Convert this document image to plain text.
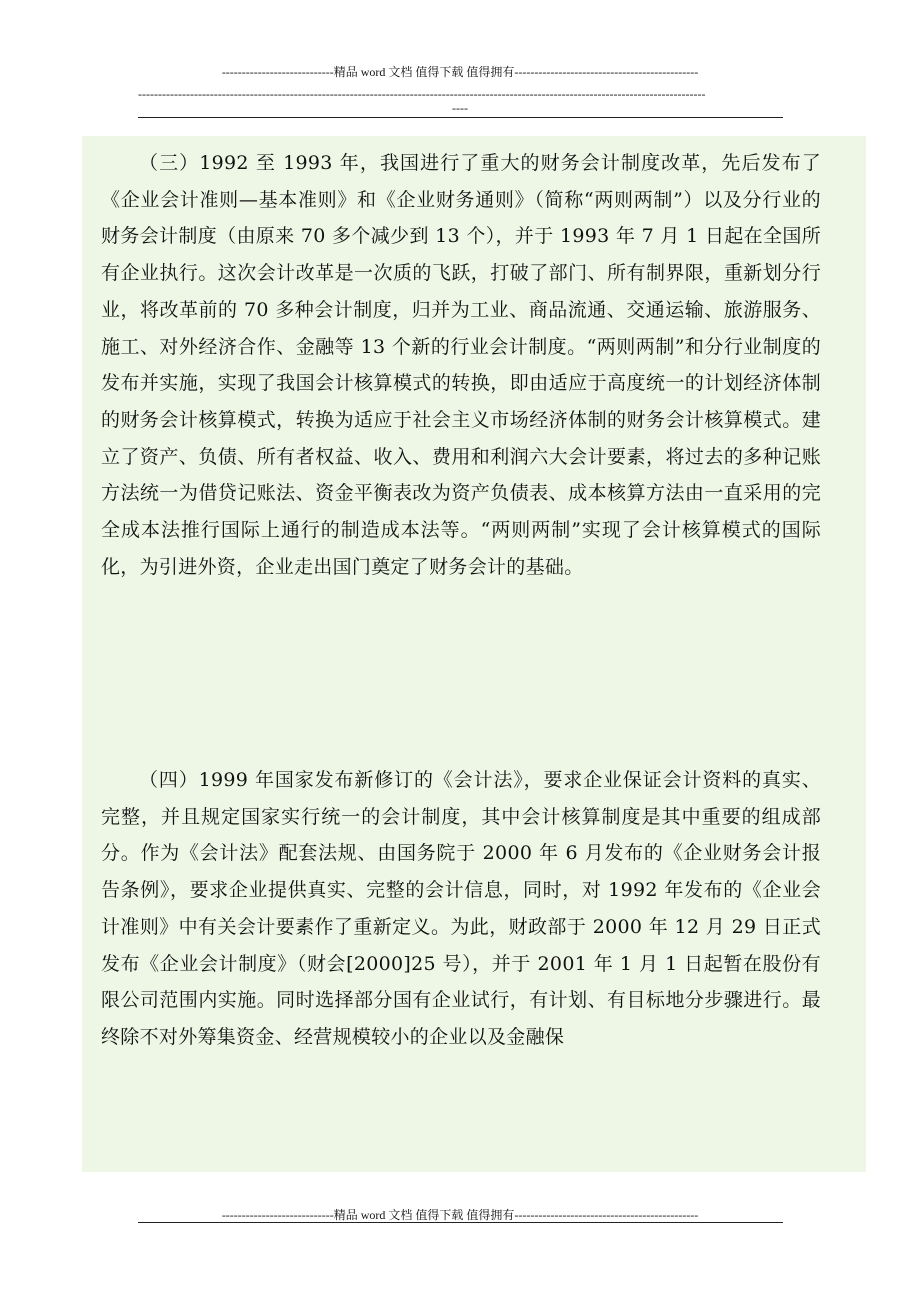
----------------------------精品 word 文档 值得下载 值得拥有----------------------------------------------
----------------------------------------------------------------------------------------------------------------------------------------------
----

（三）1992 至 1993 年，我国进行了重大的财务会计制度改革，先后发布了《企业会计准则—基本准则》和《企业财务通则》（简称“两则两制”）以及分行业的财务会计制度（由原来 70 多个减少到 13 个），并于 1993 年 7 月 1 日起在全国所有企业执行。这次会计改革是一次质的飞跃，打破了部门、所有制界限，重新划分行业，将改革前的 70 多种会计制度，归并为工业、商品流通、交通运输、旅游服务、施工、对外经济合作、金融等 13 个新的行业会计制度。“两则两制”和分行业制度的发布并实施，实现了我国会计核算模式的转换，即由适应于高度统一的计划经济体制的财务会计核算模式，转换为适应于社会主义市场经济体制的财务会计核算模式。建立了资产、负债、所有者权益、收入、费用和利润六大会计要素，将过去的多种记账方法统一为借贷记账法、资金平衡表改为资产负债表、成本核算方法由一直采用的完全成本法推行国际上通行的制造成本法等。“两则两制”实现了会计核算模式的国际化，为引进外资，企业走出国门奠定了财务会计的基础。

（四）1999 年国家发布新修订的《会计法》，要求企业保证会计资料的真实、完整，并且规定国家实行统一的会计制度，其中会计核算制度是其中重要的组成部分。作为《会计法》配套法规、由国务院于 2000 年 6 月发布的《企业财务会计报告条例》，要求企业提供真实、完整的会计信息，同时，对 1992 年发布的《企业会计准则》中有关会计要素作了重新定义。为此，财政部于 2000 年 12 月 29 日正式发布《企业会计制度》（财会[2000]25 号），并于 2001 年 1 月 1 日起暂在股份有限公司范围内实施。同时选择部分国有企业试行，有计划、有目标地分步骤进行。最终除不对外筹集资金、经营规模较小的企业以及金融保

----------------------------精品 word 文档 值得下载 值得拥有----------------------------------------------
